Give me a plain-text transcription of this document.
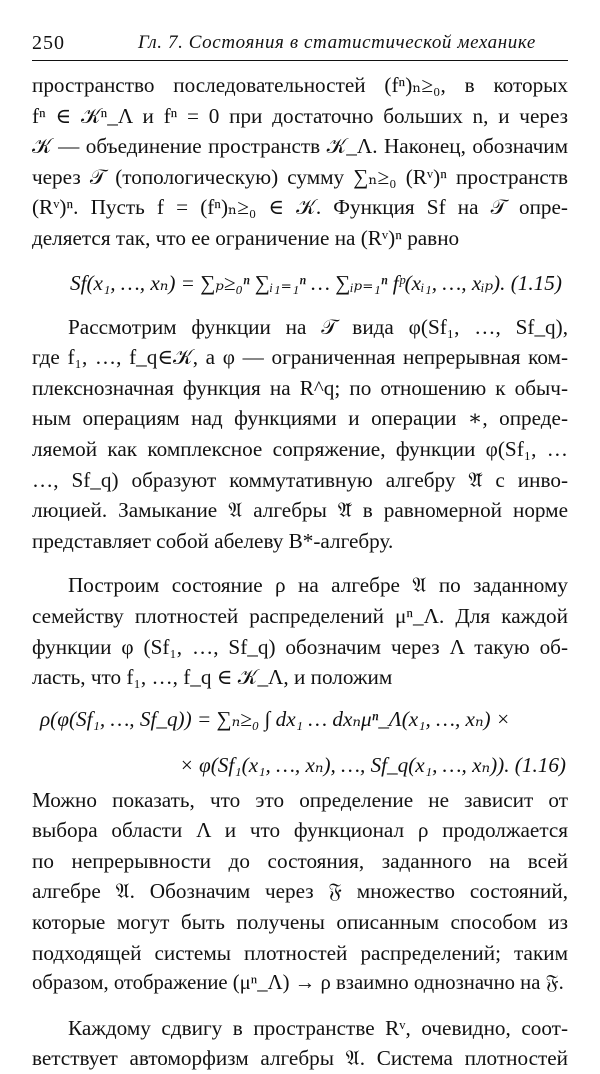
250	Гл. 7. Состояния в статистической механике
пространство последовательностей (fⁿ)ₙ≥₀, в которых
fⁿ ∈ 𝒦ⁿ_Λ и fⁿ = 0 при достаточно больших n, и через
𝒦 — объединение пространств 𝒦_Λ. Наконец, обозначим
через 𝒯 (топологическую) сумму ∑ₙ≥₀ (Rᵛ)ⁿ пространств
(Rᵛ)ⁿ. Пусть f = (fⁿ)ₙ≥₀ ∈ 𝒦. Функция Sf на 𝒯 опре-
деляется так, что ее ограничение на (Rᵛ)ⁿ равно
Sf(x₁, …, xₙ) = ∑ₚ≥₀ⁿ ∑ᵢ₁₌₁ⁿ … ∑ᵢₚ₌₁ⁿ fᵖ(xᵢ₁, …, xᵢₚ). (1.15)
Рассмотрим функции на 𝒯 вида φ(Sf₁, …, Sf_q),
где f₁, …, f_q∈𝒦, а φ — ограниченная непрерывная ком-
плекснозначная функция на R^q; по отношению к обыч-
ным операциям над функциями и операции ∗, опреде-
ляемой как комплексное сопряжение, функции φ(Sf₁, …
…, Sf_q) образуют коммутативную алгебру 𝔄̃ с инво-
люцией. Замыкание 𝔄 алгебры 𝔄̃ в равномерной норме
представляет собой абелеву B*-алгебру.
Построим состояние ρ на алгебре 𝔄 по заданному
семейству плотностей распределений μⁿ_Λ. Для каждой
функции φ (Sf₁, …, Sf_q) обозначим через Λ такую об-
ласть, что f₁, …, f_q ∈ 𝒦_Λ, и положим
ρ(φ(Sf₁, …, Sf_q)) = ∑ₙ≥₀ ∫ dx₁ … dxₙμⁿ_Λ(x₁, …, xₙ) ×
× φ(Sf₁(x₁, …, xₙ), …, Sf_q(x₁, …, xₙ)). (1.16)
Можно показать, что это определение не зависит от
выбора области Λ и что функционал ρ продолжается
по непрерывности до состояния, заданного на всей
алгебре 𝔄. Обозначим через 𝔉 множество состояний,
которые могут быть получены описанным способом из
подходящей системы плотностей распределений; таким
образом, отображение (μⁿ_Λ) → ρ взаимно однозначно на 𝔉.
Каждому сдвигу в пространстве Rᵛ, очевидно, соот-
ветствует автоморфизм алгебры 𝔄. Система плотностей
